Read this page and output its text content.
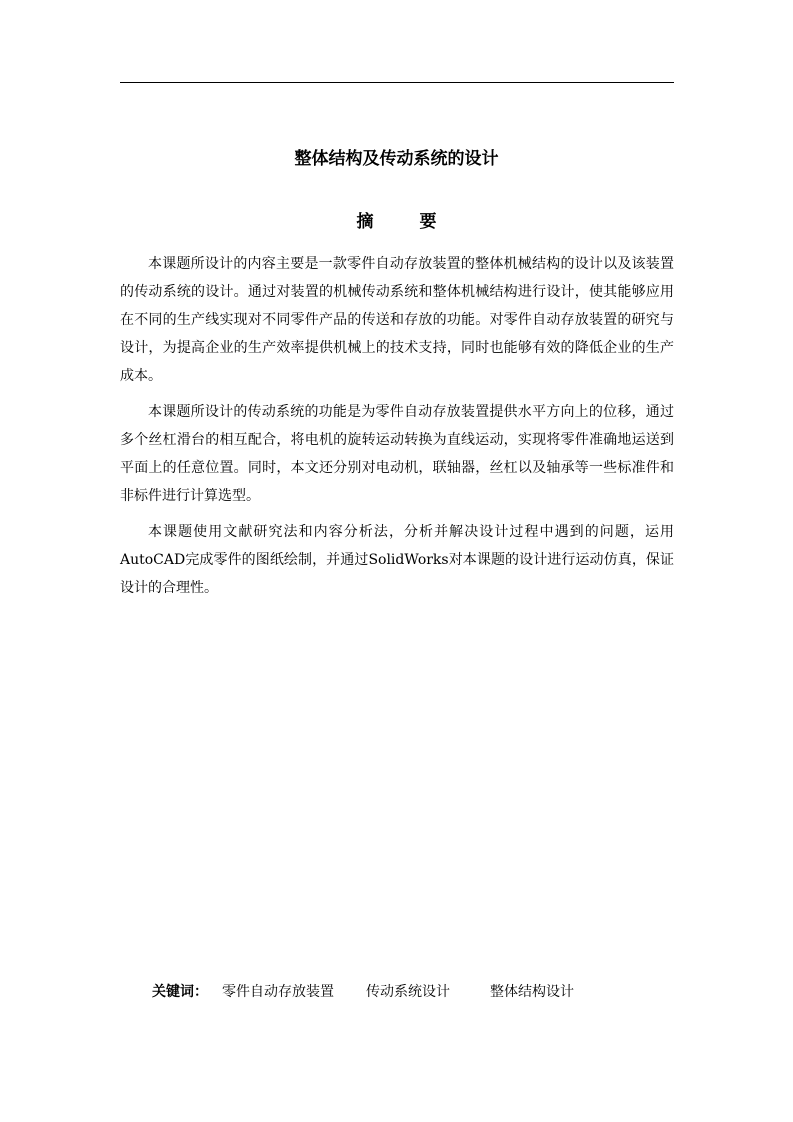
整体结构及传动系统的设计
摘 要

本课题所设计的内容主要是一款零件自动存放装置的整体机械结构的设计以及该装置的传动系统的设计。通过对装置的机械传动系统和整体机械结构进行设计，使其能够应用在不同的生产线实现对不同零件产品的传送和存放的功能。对零件自动存放装置的研究与设计，为提高企业的生产效率提供机械上的技术支持，同时也能够有效的降低企业的生产成本。

本课题所设计的传动系统的功能是为零件自动存放装置提供水平方向上的位移，通过多个丝杠滑台的相互配合，将电机的旋转运动转换为直线运动，实现将零件准确地运送到平面上的任意位置。同时，本文还分别对电动机，联轴器，丝杠以及轴承等一些标准件和非标件进行计算选型。

本课题使用文献研究法和内容分析法，分析并解决设计过程中遇到的问题，运用AutoCAD完成零件的图纸绘制，并通过SolidWorks对本课题的设计进行运动仿真，保证设计的合理性。

关键词： 零件自动存放装置 传动系统设计	整体结构设计
